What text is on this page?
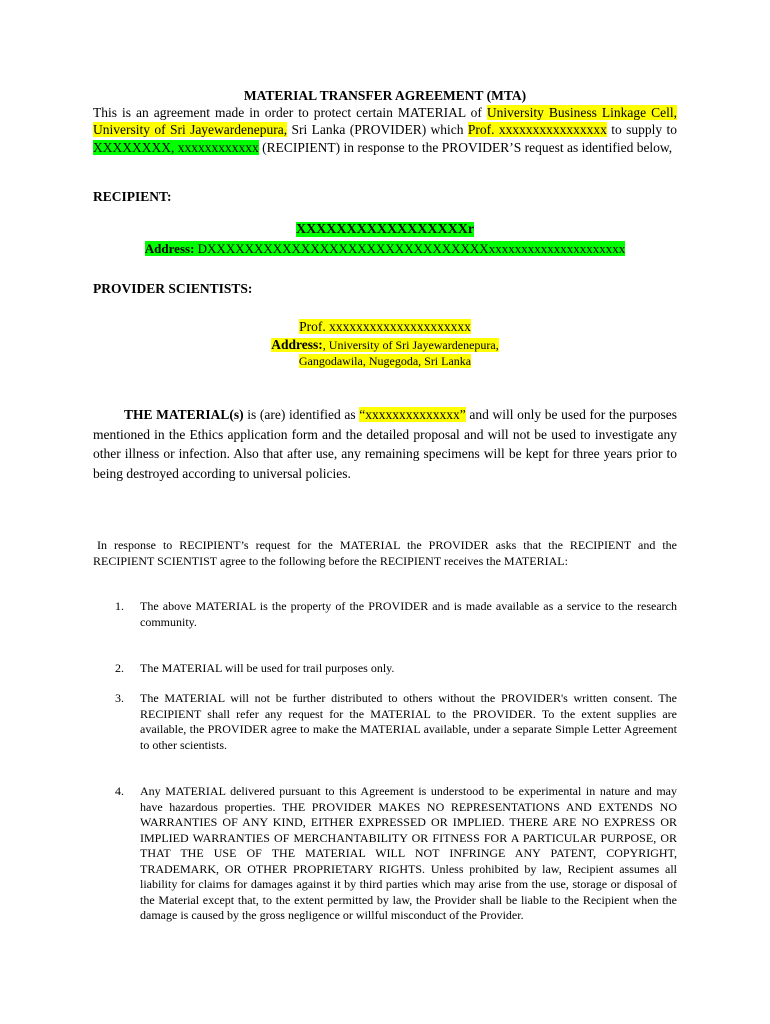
MATERIAL TRANSFER AGREEMENT (MTA)
This is an agreement made in order to protect certain MATERIAL of University Business Linkage Cell, University of Sri Jayewardenepura, Sri Lanka (PROVIDER) which Prof. xxxxxxxxxxxxxxxx to supply to XXXXXXXX, xxxxxxxxxxxx (RECIPIENT) in response to the PROVIDER’S request as identified below,
RECIPIENT:
XXXXXXXXXXXXXXXXXr
Address: DXXXXXXXXXXXXXXXXXXXXXXXXXXXXXXxxxxxxxxxxxxxxxxxxxxx
PROVIDER SCIENTISTS:
Prof. xxxxxxxxxxxxxxxxxxxxx
Address:, University of Sri Jayewardenepura,
Gangodawila, Nugegoda, Sri Lanka
THE MATERIAL(s) is (are) identified as “xxxxxxxxxxxxxx” and will only be used for the purposes mentioned in the Ethics application form and the detailed proposal and will not be used to investigate any other illness or infection. Also that after use, any remaining specimens will be kept for three years prior to being destroyed according to universal policies.
In response to RECIPIENT’s request for the MATERIAL the PROVIDER asks that the RECIPIENT and the RECIPIENT SCIENTIST agree to the following before the RECIPIENT receives the MATERIAL:
1. The above MATERIAL is the property of the PROVIDER and is made available as a service to the research community.
2. The MATERIAL will be used for trail purposes only.
3. The MATERIAL will not be further distributed to others without the PROVIDER's written consent. The RECIPIENT shall refer any request for the MATERIAL to the PROVIDER. To the extent supplies are available, the PROVIDER agree to make the MATERIAL available, under a separate Simple Letter Agreement to other scientists.
4. Any MATERIAL delivered pursuant to this Agreement is understood to be experimental in nature and may have hazardous properties. THE PROVIDER MAKES NO REPRESENTATIONS AND EXTENDS NO WARRANTIES OF ANY KIND, EITHER EXPRESSED OR IMPLIED. THERE ARE NO EXPRESS OR IMPLIED WARRANTIES OF MERCHANTABILITY OR FITNESS FOR A PARTICULAR PURPOSE, OR THAT THE USE OF THE MATERIAL WILL NOT INFRINGE ANY PATENT, COPYRIGHT, TRADEMARK, OR OTHER PROPRIETARY RIGHTS. Unless prohibited by law, Recipient assumes all liability for claims for damages against it by third parties which may arise from the use, storage or disposal of the Material except that, to the extent permitted by law, the Provider shall be liable to the Recipient when the damage is caused by the gross negligence or willful misconduct of the Provider.
